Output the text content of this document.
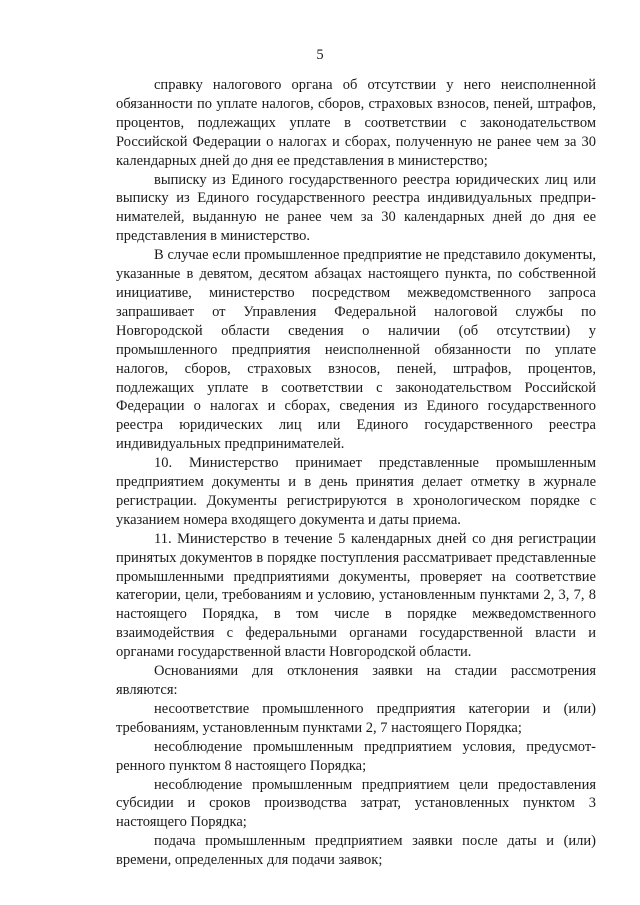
5

справку налогового органа об отсутствии у него неисполненной обязанности по уплате налогов, сборов, страховых взносов, пеней, штрафов, процентов, подлежащих уплате в соответствии с законодательством Российской Федерации о налогах и сборах, полученную не ранее чем за 30 календарных дней до дня ее представления в министерство;

выписку из Единого государственного реестра юридических лиц или выписку из Единого государственного реестра индивидуальных предпринимателей, выданную не ранее чем за 30 календарных дней до дня ее представления в министерство.

В случае если промышленное предприятие не представило документы, указанные в девятом, десятом абзацах настоящего пункта, по собственной инициативе, министерство посредством межведомственного запроса запрашивает от Управления Федеральной налоговой службы по Новгородской области сведения о наличии (об отсутствии) у промышленного предприятия неисполненной обязанности по уплате налогов, сборов, страховых взносов, пеней, штрафов, процентов, подлежащих уплате в соответствии с законодательством Российской Федерации о налогах и сборах, сведения из Единого государственного реестра юридических лиц или Единого государственного реестра индивидуальных предпринимателей.

10. Министерство принимает представленные промышленным предприятием документы и в день принятия делает отметку в журнале регистрации. Документы регистрируются в хронологическом порядке с указанием номера входящего документа и даты приема.

11. Министерство в течение 5 календарных дней со дня регистрации принятых документов в порядке поступления рассматривает представленные промышленными предприятиями документы, проверяет на соответствие категории, цели, требованиям и условию, установленным пунктами 2, 3, 7, 8 настоящего Порядка, в том числе в порядке межведомственного взаимодействия с федеральными органами государственной власти и органами государственной власти Новгородской области.

Основаниями для отклонения заявки на стадии рассмотрения являются:

несоответствие промышленного предприятия категории и (или) требованиям, установленным пунктами 2, 7 настоящего Порядка;

несоблюдение промышленным предприятием условия, предусмотренного пунктом 8 настоящего Порядка;

несоблюдение промышленным предприятием цели предоставления субсидии и сроков производства затрат, установленных пунктом 3 настоящего Порядка;

подача промышленным предприятием заявки после даты и (или) времени, определенных для подачи заявок;
